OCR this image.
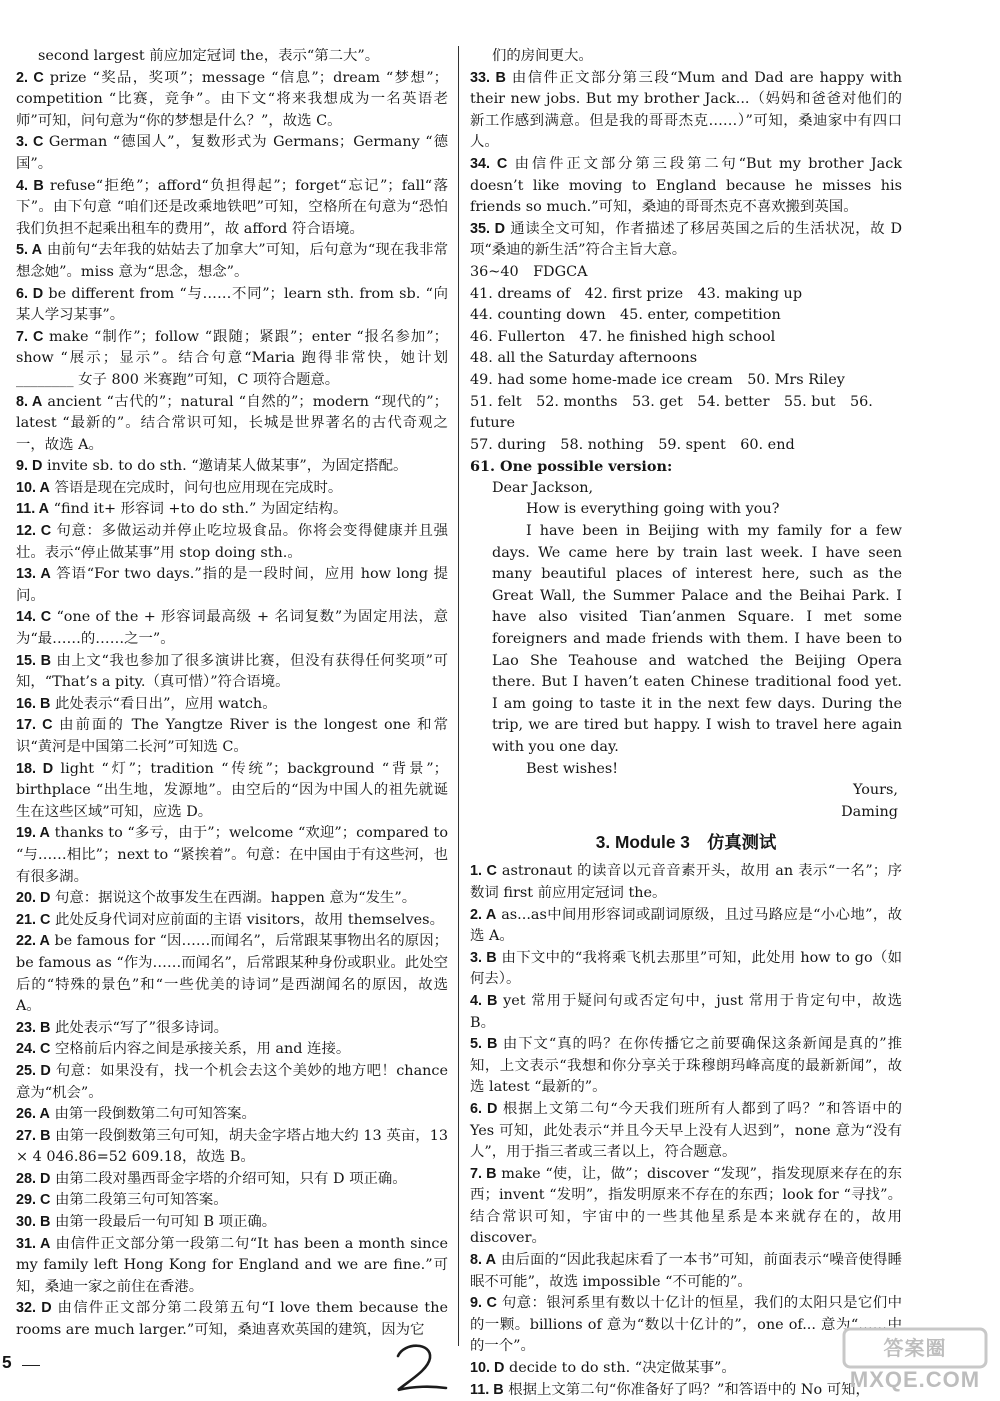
second largest 前应加定冠词 the，表示“第二大”。
2. C prize “奖品，奖项”；message “信息”；dream “梦想”；competition “比赛，竞争”。由下文“将来我想成为一名英语老师”可知，问句意为“你的梦想是什么？”，故选 C。
3. C German “德国人”，复数形式为 Germans；Germany “德国”。
4. B refuse“拒绝”；afford“负担得起”；forget“忘记”；fall“落下”。由下句意 “咱们还是改乘地铁吧”可知，空格所在句意为“恐怕我们负担不起乘出租车的费用”，故 afford 符合语境。
5. A 由前句“去年我的姑姑去了加拿大”可知，后句意为“现在我非常想念她”。miss 意为“思念，想念”。
6. D be different from “与……不同”；learn sth. from sb. “向某人学习某事”。
7. C make “制作”；follow “跟随；紧跟”；enter “报名参加”；show “展示；显示”。结合句意“Maria 跑得非常快，她计划________ 女子 800 米赛跑”可知，C 项符合题意。
8. A ancient “古代的”；natural “自然的”；modern “现代的”；latest “最新的”。结合常识可知，长城是世界著名的古代奇观之一，故选 A。
9. D invite sb. to do sth. “邀请某人做某事”，为固定搭配。
10. A 答语是现在完成时，问句也应用现在完成时。
11. A “find it+ 形容词 +to do sth.” 为固定结构。
12. C 句意：多做运动并停止吃垃圾食品。你将会变得健康并且强壮。表示“停止做某事”用 stop doing sth.。
13. A 答语“For two days.”指的是一段时间，应用 how long 提问。
14. C “one of the + 形容词最高级 + 名词复数”为固定用法，意为“最……的……之一”。
15. B 由上文“我也参加了很多演讲比赛，但没有获得任何奖项”可知，“That’s a pity.（真可惜）”符合语境。
16. B 此处表示“看日出”，应用 watch。
17. C 由前面的 The Yangtze River is the longest one 和常识“黄河是中国第二长河”可知选 C。
18. D light “灯”；tradition “传统”；background “背景”；birthplace “出生地，发源地”。由空后的“因为中国人的祖先就诞生在这些区域”可知，应选 D。
19. A thanks to “多亏，由于”；welcome “欢迎”；compared to “与……相比”；next to “紧挨着”。句意：在中国由于有这些河，也有很多湖。
20. D 句意：据说这个故事发生在西湖。happen 意为“发生”。
21. C 此处反身代词对应前面的主语 visitors，故用 themselves。
22. A be famous for “因……而闻名”，后常跟某事物出名的原因；be famous as “作为……而闻名”，后常跟某种身份或职业。此处空后的“特殊的景色”和“一些优美的诗词”是西湖闻名的原因，故选 A。
23. B 此处表示“写了”很多诗词。
24. C 空格前后内容之间是承接关系，用 and 连接。
25. D 句意：如果没有，找一个机会去这个美妙的地方吧！chance 意为“机会”。
26. A 由第一段倒数第二句可知答案。
27. B 由第一段倒数第三句可知，胡夫金字塔占地大约 13 英亩，13 × 4 046.86=52 609.18，故选 B。
28. D 由第二段对墨西哥金字塔的介绍可知，只有 D 项正确。
29. C 由第二段第三句可知答案。
30. B 由第一段最后一句可知 B 项正确。
31. A 由信件正文部分第一段第二句“It has been a month since my family left Hong Kong for England and we are fine.”可知，桑迪一家之前住在香港。
32. D 由信件正文部分第二段第五句“I love them because the rooms are much larger.”可知，桑迪喜欢英国的建筑，因为它
们的房间更大。
33. B 由信件正文部分第三段“Mum and Dad are happy with their new jobs. But my brother Jack...（妈妈和爸爸对他们的新工作感到满意。但是我的哥哥杰克……）”可知，桑迪家中有四口人。
34. C 由信件正文部分第三段第二句“But my brother Jack doesn’t like moving to England because he misses his friends so much.”可知，桑迪的哥哥杰克不喜欢搬到英国。
35. D 通读全文可知，作者描述了移居英国之后的生活状况，故 D 项“桑迪的新生活”符合主旨大意。
36~40　FDGCA
41. dreams of　42. first prize　43. making up
44. counting down　45. enter, competition
46. Fullerton　47. he finished high school
48. all the Saturday afternoons
49. had some home-made ice cream　50. Mrs Riley
51. felt　52. months　53. get　54. better　55. but　56. future
57. during　58. nothing　59. spent　60. end
61. One possible version:

Dear Jackson,

How is everything going with you?

I have been in Beijing with my family for a few days. We came here by train last week. I have seen many beautiful places of interest here, such as the Great Wall, the Summer Palace and the Beihai Park. I have also visited Tian’anmen Square. I met some foreigners and made friends with them. I have been to Lao She Teahouse and watched the Beijing Opera there. But I haven’t eaten Chinese traditional food yet. I am going to taste it in the next few days. During the trip, we are tired but happy. I wish to travel here again with you one day.

Best wishes!

Yours,
Daming
3. Module 3　仿真测试
1. C astronaut 的读音以元音音素开头，故用 an 表示“一名”；序数词 first 前应用定冠词 the。
2. A as...as中间用形容词或副词原级，且过马路应是“小心地”，故选 A。
3. B 由下文中的“我将乘飞机去那里”可知，此处用 how to go（如何去）。
4. B yet 常用于疑问句或否定句中，just 常用于肯定句中，故选 B。
5. B 由下文“真的吗？在你传播它之前要确保这条新闻是真的”推知，上文表示“我想和你分享关于珠穆朗玛峰高度的最新新闻”，故选 latest “最新的”。
6. D 根据上文第二句“今天我们班所有人都到了吗？”和答语中的 Yes 可知，此处表示“并且今天早上没有人迟到”，none 意为“没有人”，用于指三者或三者以上，符合题意。
7. B make “使，让，做”；discover “发现”，指发现原来存在的东西；invent “发明”，指发明原来不存在的东西；look for “寻找”。结合常识可知，宇宙中的一些其他星系是本来就存在的，故用 discover。
8. A 由后面的“因此我起床看了一本书”可知，前面表示“噪音使得睡眠不可能”，故选 impossible “不可能的”。
9. C 句意：银河系里有数以十亿计的恒星，我们的太阳只是它们中的一颗。billions of 意为“数以十亿计的”，one of... 意为“……中的一个”。
10. D decide to do sth. “决定做某事”。
11. B 根据上文第二句“你准备好了吗？”和答语中的 No 可知，
5
答案圈
MXQE.COM
